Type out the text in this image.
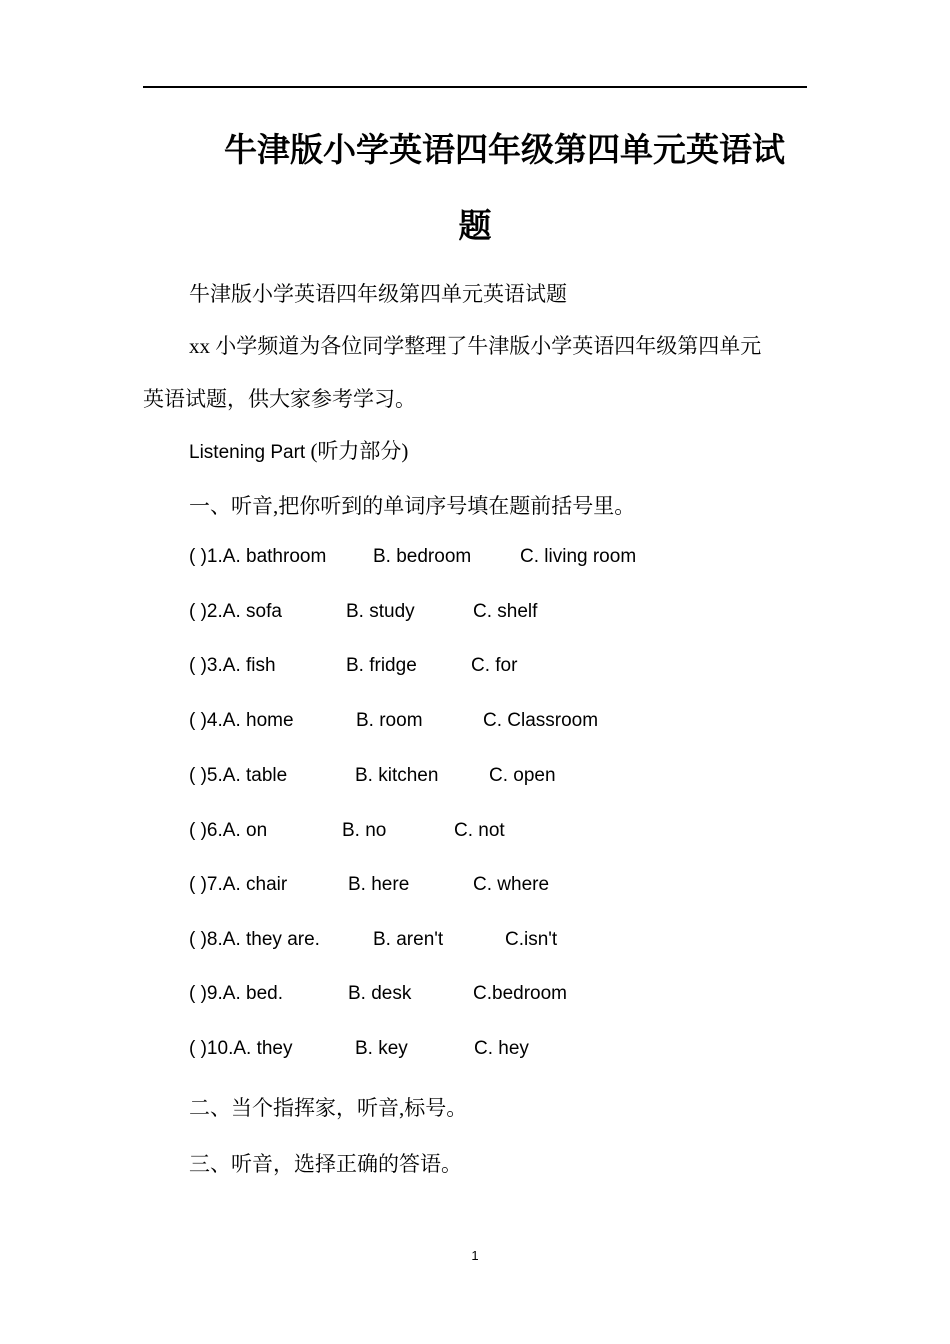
牛津版小学英语四年级第四单元英语试
题
牛津版小学英语四年级第四单元英语试题
xx 小学频道为各位同学整理了牛津版小学英语四年级第四单元
英语试题，供大家参考学习。
Listening Part (听力部分)
一、听音,把你听到的单词序号填在题前括号里。
( )1.A. bathroom B. bedroom	C. living room
( )2.A. sofa	B. study	C. shelf
( )3.A. fish	B. fridge	C. for
( )4.A. home	B. room	C. Classroom
( )5.A. table	B. kitchen	C. open
( )6.A. on	B. no	C. not
( )7.A. chair	B. here	C. where
( )8.A. they are.	B. aren't	C.isn't
( )9.A. bed.	B. desk	C.bedroom
( )10.A. they	B. key	C. hey
二、当个指挥家，听音,标号。
三、听音，选择正确的答语。
1
